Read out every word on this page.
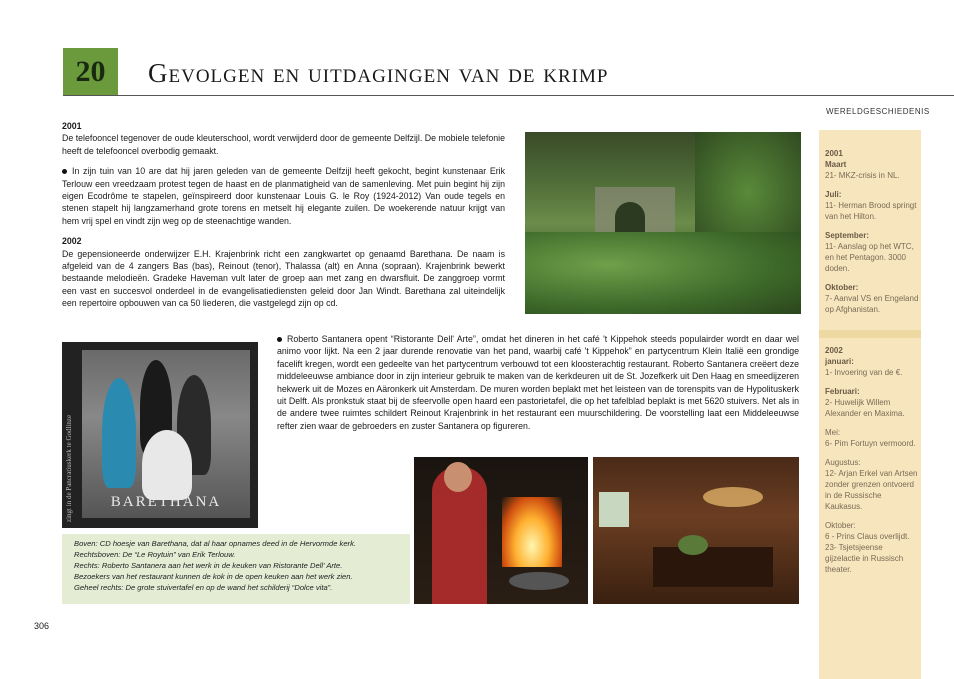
20	Gevolgen en uitdagingen van de krimp
WERELDGESCHIEDENIS

2001
Maart
21- MKZ-crisis in NL.

Juli:
11- Herman Brood springt van het Hilton.

September:
11- Aanslag op het WTC, en het Pentagon. 3000 doden.

Oktober:
7- Aanval VS en Engeland op Afghanistan.

2002
januari:
1- Invoering van de €.

Februari:
2- Huwelijk Willem Alexander en Maxima.

Mei:
6- Pim Fortuyn vermoord.

Augustus:
12- Arjan Erkel van Artsen zonder grenzen ontvoerd in de Russische Kaukasus.

Oktober:
6 - Prins Claus overlijdt. 23- Tsjetsjeense gijzelactie in Russisch theater.

2001

De telefooncel tegenover de oude kleuterschool, wordt verwijderd door de gemeente Delfzijl. De mobiele telefonie heeft de telefooncel overbodig gemaakt.

In zijn tuin van 10 are dat hij jaren geleden van de gemeente Delfzijl heeft gekocht, begint kunstenaar Erik Terlouw een vreedzaam protest tegen de haast en de planmatigheid van de samenleving. Met puin begint hij zijn eigen Ecodrôme te stapelen, geïnspireerd door kunstenaar Louis G. le Roy (1924-2012) Van oude tegels en stenen stapelt hij langzamerhand grote torens en metselt hij elegante zuilen. De woekerende natuur krijgt van hem vrij spel en vindt zijn weg op de steenachtige wanden.

2002

De gepensioneerde onderwijzer E.H. Krajenbrink richt een zangkwartet op genaamd Barethana. De naam is afgeleid van de 4 zangers Bas (bas), Reinout (tenor), Thalassa (alt) en Anna (sopraan). Krajenbrink bewerkt bestaande melodieën. Gradeke Haveman vult later de groep aan met zang en dwarsfluit. De zanggroep vormt een vast en succesvol onderdeel in de evangelisatiediensten geleid door Jan Windt. Barethana zal uiteindelijk een repertoire opbouwen van ca 50 liederen, die vastgelegd zijn op cd.

Roberto Santanera opent “Ristorante Dell' Arte”, omdat het dineren in het café 't Kippehok steeds populairder wordt en daar wel animo voor lijkt. Na een 2 jaar durende renovatie van het pand, waarbij café 't Kippehok” en partycentrum Klein Italië een grondige facelift kregen, wordt een gedeelte van het partycentrum verbouwd tot een kloosterachtig restaurant. Roberto Santanera creëert deze middeleeuwse ambiance door in zijn interieur gebruik te maken van de kerkdeuren uit de St. Jozefkerk uit Den Haag en smeedijzeren hekwerk uit de Mozes en Aäronkerk uit Amsterdam. De muren worden beplakt met het leisteen van de torenspits van de Hypolituskerk uit Delft. Als pronkstuk staat bij de sfeervolle open haard een pastorietafel, die op het tafelblad beplakt is met 5620 stuivers. Net als in de andere twee ruimtes schildert Reinout Krajenbrink in het restaurant een muurschildering. De voorstelling laat een Middeleeuwse refter zien waar de gebroeders en zuster Santanera op figureren.

zingt in de Pancratiuskerk te Godlinze	BARETHANA

Boven: CD hoesje van Barethana, dat al haar opnames deed in de Hervormde kerk.

Rechtsboven: De “Le Roytuin” van Erik Terlouw.

Rechts: Roberto Santanera aan het werk in de keuken van Ristorante Dell' Arte.

Bezoekers van het restaurant kunnen de kok in de open keuken aan het werk zien.

Geheel rechts: De grote stuivertafel en op de wand het schilderij “Dolce vita”.

306
